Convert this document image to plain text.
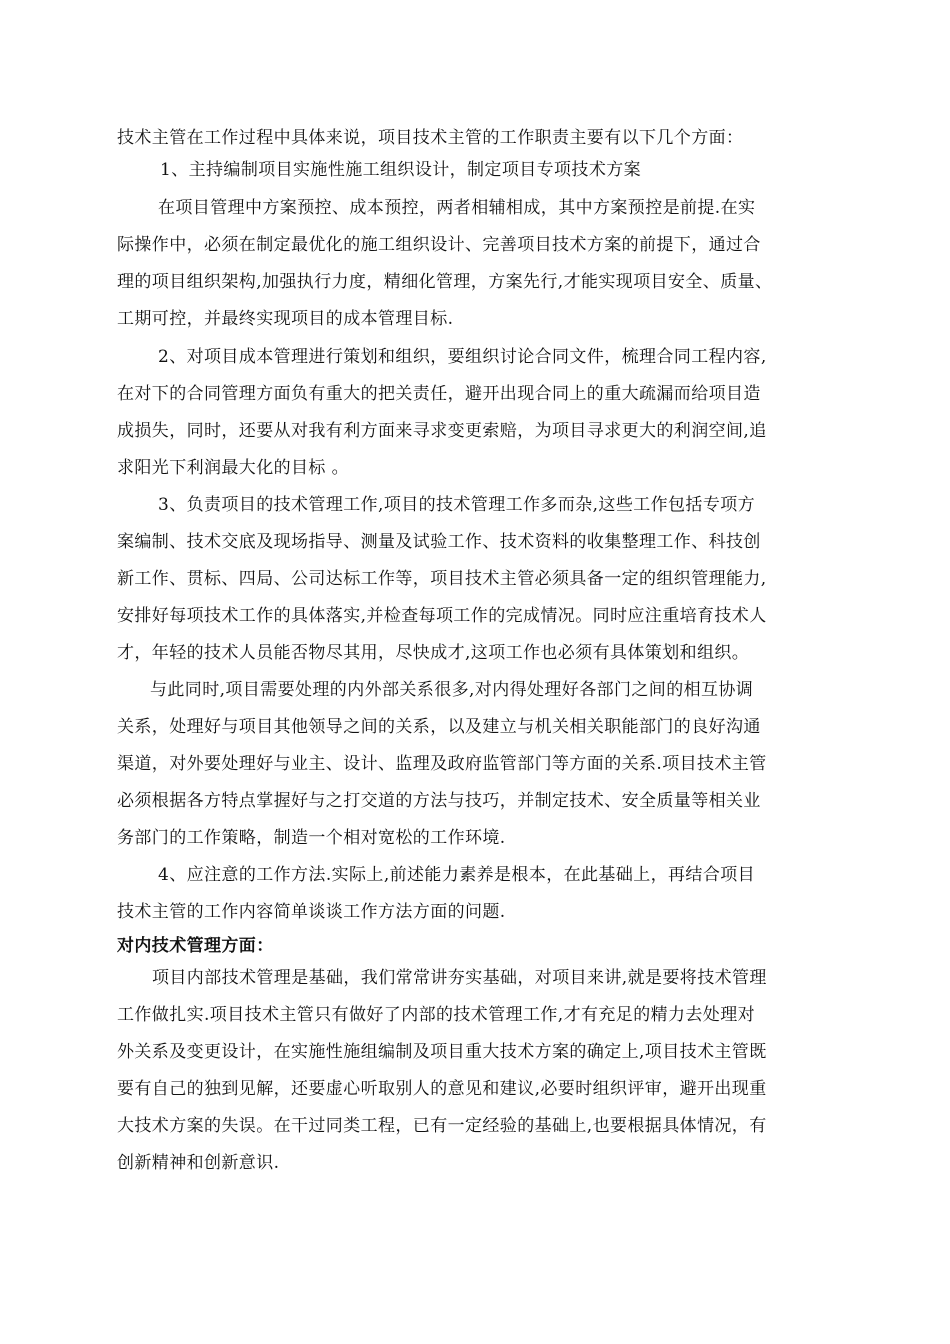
技术主管在工作过程中具体来说，项目技术主管的工作职责主要有以下几个方面：
1、主持编制项目实施性施工组织设计，制定项目专项技术方案
在项目管理中方案预控、成本预控，两者相辅相成，其中方案预控是前提.在实
际操作中，必须在制定最优化的施工组织设计、完善项目技术方案的前提下，通过合
理的项目组织架构,加强执行力度，精细化管理，方案先行,才能实现项目安全、质量、
工期可控，并最终实现项目的成本管理目标.
2、对项目成本管理进行策划和组织，要组织讨论合同文件，梳理合同工程内容,
在对下的合同管理方面负有重大的把关责任，避开出现合同上的重大疏漏而给项目造
成损失，同时，还要从对我有利方面来寻求变更索赔，为项目寻求更大的利润空间,追
求阳光下利润最大化的目标 。
3、负责项目的技术管理工作,项目的技术管理工作多而杂,这些工作包括专项方
案编制、技术交底及现场指导、测量及试验工作、技术资料的收集整理工作、科技创
新工作、贯标、四局、公司达标工作等，项目技术主管必须具备一定的组织管理能力,
安排好每项技术工作的具体落实,并检查每项工作的完成情况。同时应注重培育技术人
才，年轻的技术人员能否物尽其用，尽快成才,这项工作也必须有具体策划和组织。
与此同时,项目需要处理的内外部关系很多,对内得处理好各部门之间的相互协调
关系，处理好与项目其他领导之间的关系，以及建立与机关相关职能部门的良好沟通
渠道，对外要处理好与业主、设计、监理及政府监管部门等方面的关系.项目技术主管
必须根据各方特点掌握好与之打交道的方法与技巧，并制定技术、安全质量等相关业
务部门的工作策略，制造一个相对宽松的工作环境.
4、应注意的工作方法.实际上,前述能力素养是根本，在此基础上，再结合项目
技术主管的工作内容简单谈谈工作方法方面的问题.
对内技术管理方面：
项目内部技术管理是基础，我们常常讲夯实基础，对项目来讲,就是要将技术管理
工作做扎实.项目技术主管只有做好了内部的技术管理工作,才有充足的精力去处理对
外关系及变更设计，在实施性施组编制及项目重大技术方案的确定上,项目技术主管既
要有自己的独到见解，还要虚心听取别人的意见和建议,必要时组织评审，避开出现重
大技术方案的失误。在干过同类工程，已有一定经验的基础上,也要根据具体情况，有
创新精神和创新意识.
